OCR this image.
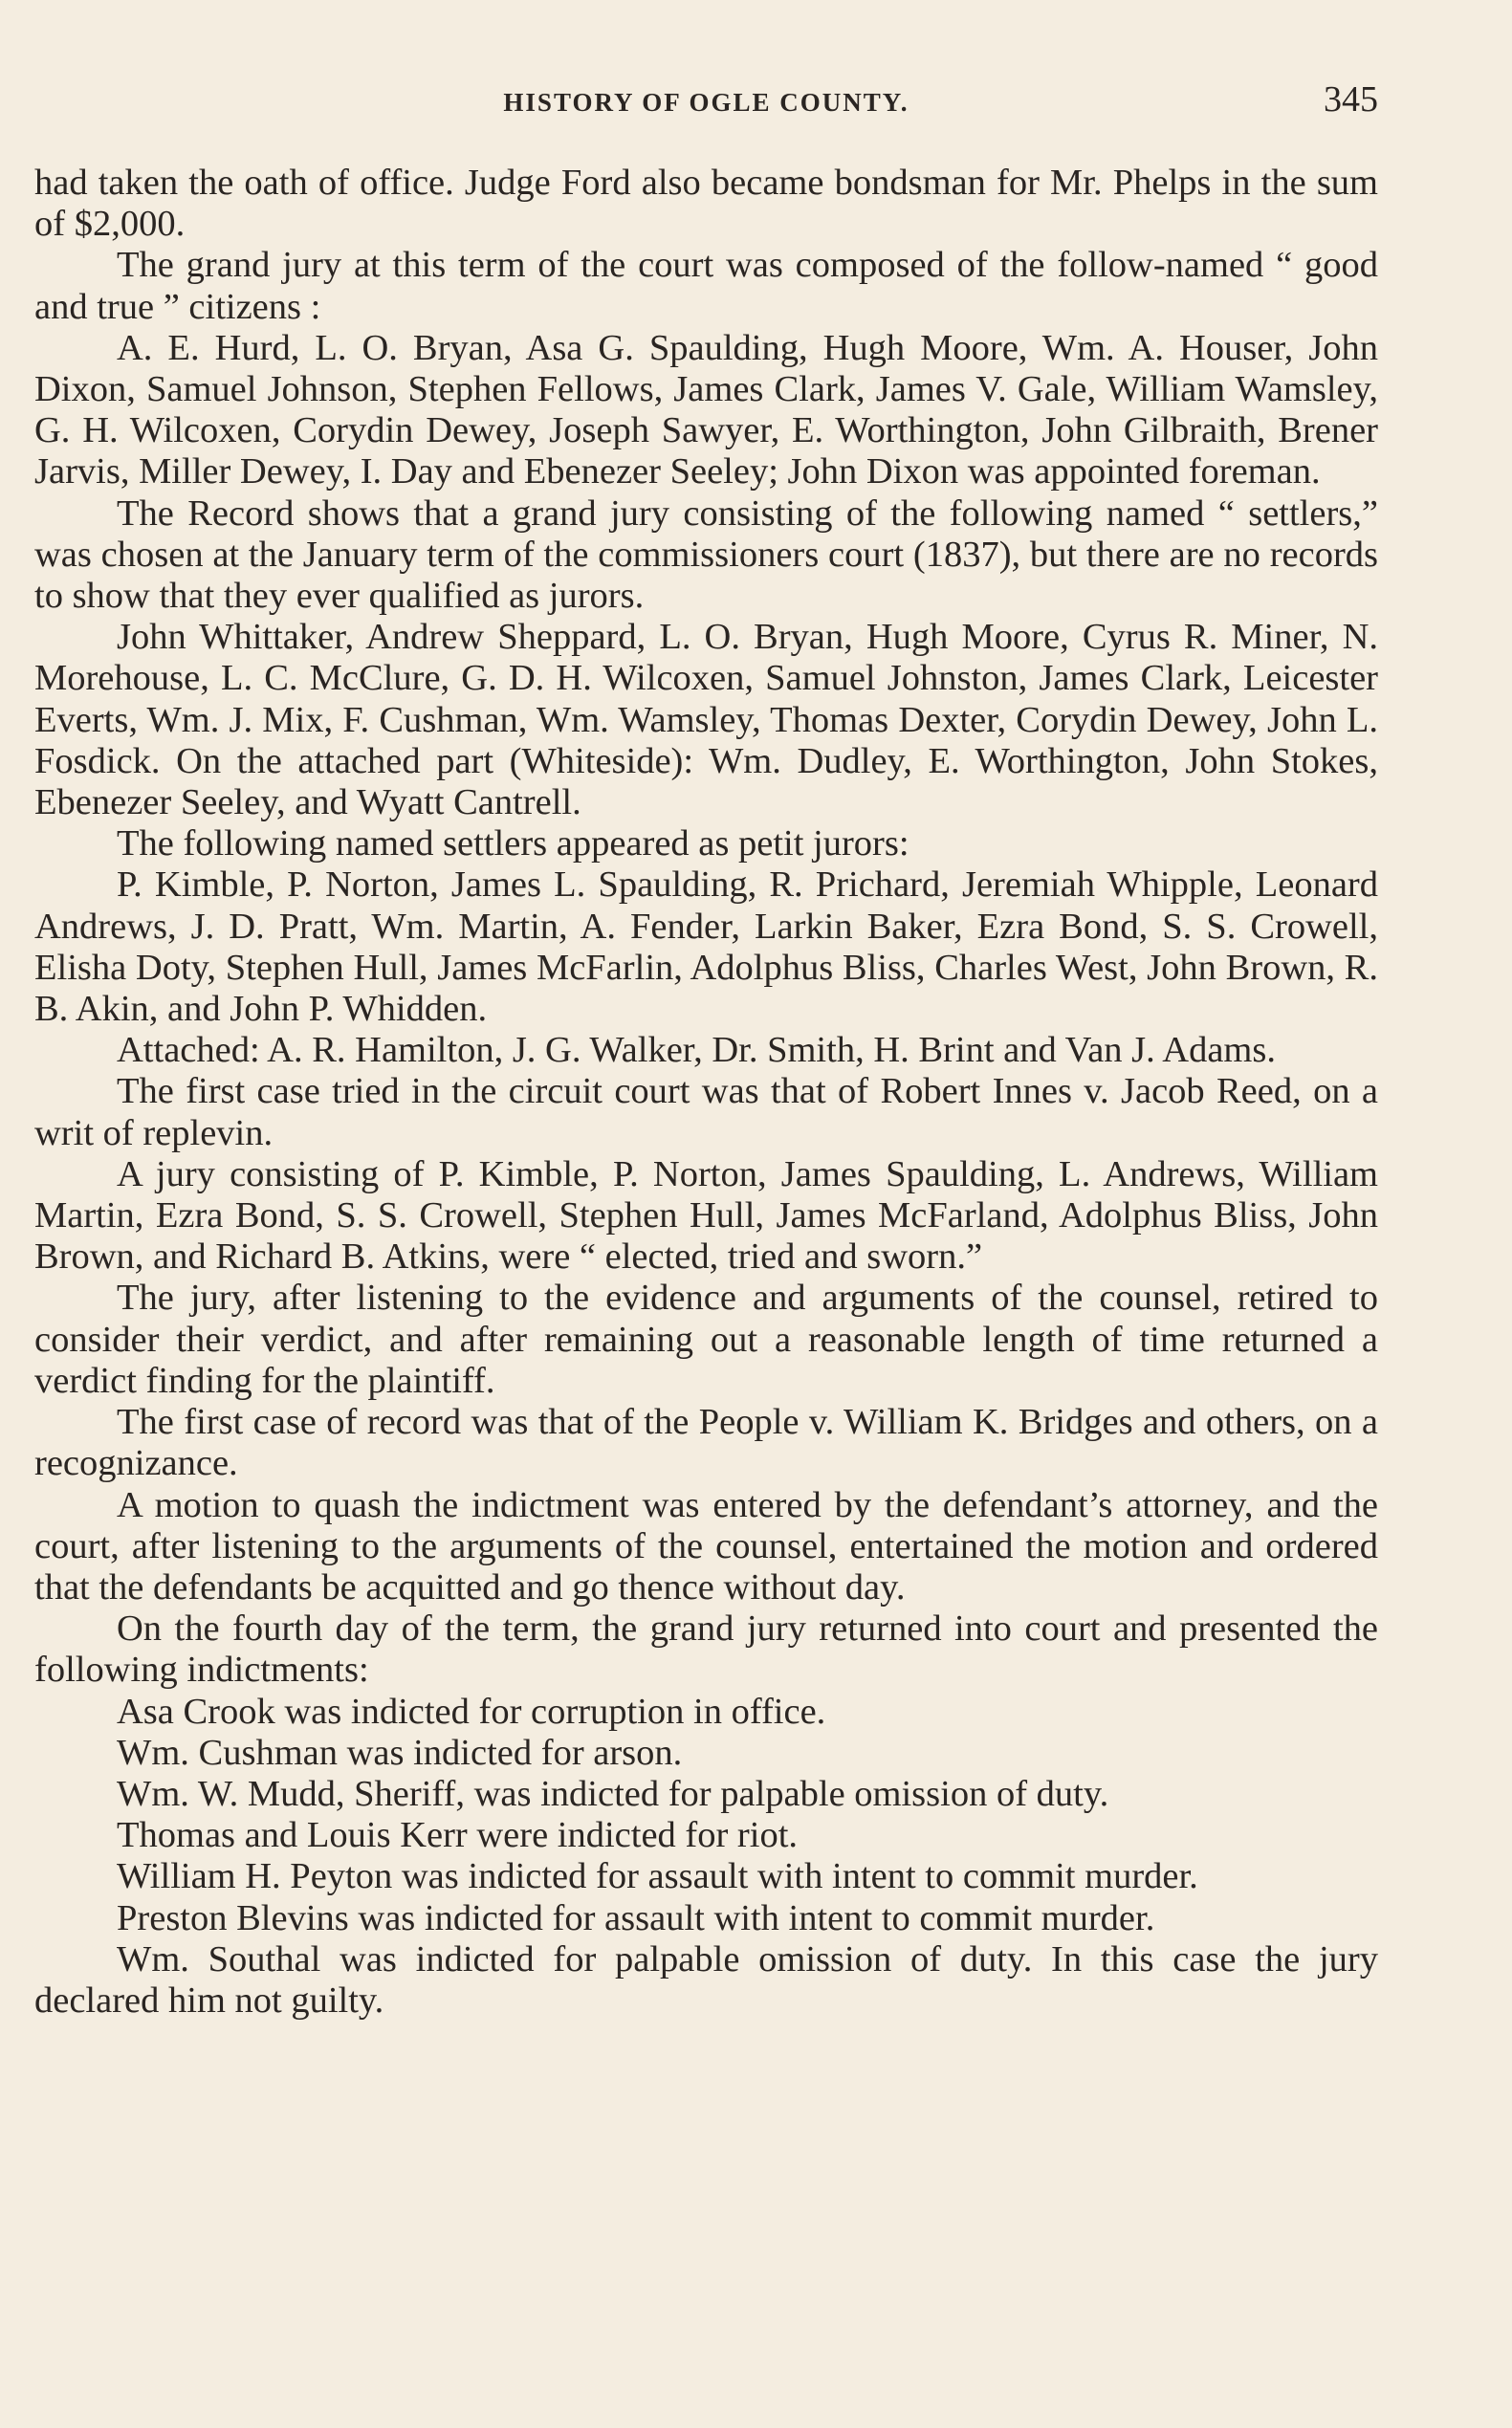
HISTORY OF OGLE COUNTY.	345

had taken the oath of office. Judge Ford also became bondsman for Mr. Phelps in the sum of $2,000.

The grand jury at this term of the court was composed of the follow-named “ good and true ” citizens :

A. E. Hurd, L. O. Bryan, Asa G. Spaulding, Hugh Moore, Wm. A. Houser, John Dixon, Samuel Johnson, Stephen Fellows, James Clark, James V. Gale, William Wamsley, G. H. Wilcoxen, Corydin Dewey, Joseph Sawyer, E. Worthington, John Gilbraith, Brener Jarvis, Miller Dewey, I. Day and Ebenezer Seeley; John Dixon was appointed foreman.

The Record shows that a grand jury consisting of the following named “ settlers,” was chosen at the January term of the commissioners court (1837), but there are no records to show that they ever qualified as jurors.

John Whittaker, Andrew Sheppard, L. O. Bryan, Hugh Moore, Cyrus R. Miner, N. Morehouse, L. C. McClure, G. D. H. Wilcoxen, Samuel Johnston, James Clark, Leicester Everts, Wm. J. Mix, F. Cushman, Wm. Wamsley, Thomas Dexter, Corydin Dewey, John L. Fosdick. On the attached part (Whiteside): Wm. Dudley, E. Worthington, John Stokes, Ebenezer Seeley, and Wyatt Cantrell.

The following named settlers appeared as petit jurors:

P. Kimble, P. Norton, James L. Spaulding, R. Prichard, Jeremiah Whipple, Leonard Andrews, J. D. Pratt, Wm. Martin, A. Fender, Larkin Baker, Ezra Bond, S. S. Crowell, Elisha Doty, Stephen Hull, James McFarlin, Adolphus Bliss, Charles West, John Brown, R. B. Akin, and John P. Whidden.

Attached: A. R. Hamilton, J. G. Walker, Dr. Smith, H. Brint and Van J. Adams.

The first case tried in the circuit court was that of Robert Innes v. Jacob Reed, on a writ of replevin.

A jury consisting of P. Kimble, P. Norton, James Spaulding, L. Andrews, William Martin, Ezra Bond, S. S. Crowell, Stephen Hull, James McFarland, Adolphus Bliss, John Brown, and Richard B. Atkins, were “ elected, tried and sworn.”

The jury, after listening to the evidence and arguments of the counsel, retired to consider their verdict, and after remaining out a reasonable length of time returned a verdict finding for the plaintiff.

The first case of record was that of the People v. William K. Bridges and others, on a recognizance.

A motion to quash the indictment was entered by the defendant’s attorney, and the court, after listening to the arguments of the counsel, entertained the motion and ordered that the defendants be acquitted and go thence without day.

On the fourth day of the term, the grand jury returned into court and presented the following indictments:

Asa Crook was indicted for corruption in office.

Wm. Cushman was indicted for arson.

Wm. W. Mudd, Sheriff, was indicted for palpable omission of duty.

Thomas and Louis Kerr were indicted for riot.

William H. Peyton was indicted for assault with intent to commit murder.

Preston Blevins was indicted for assault with intent to commit murder.

Wm. Southal was indicted for palpable omission of duty. In this case the jury declared him not guilty.
